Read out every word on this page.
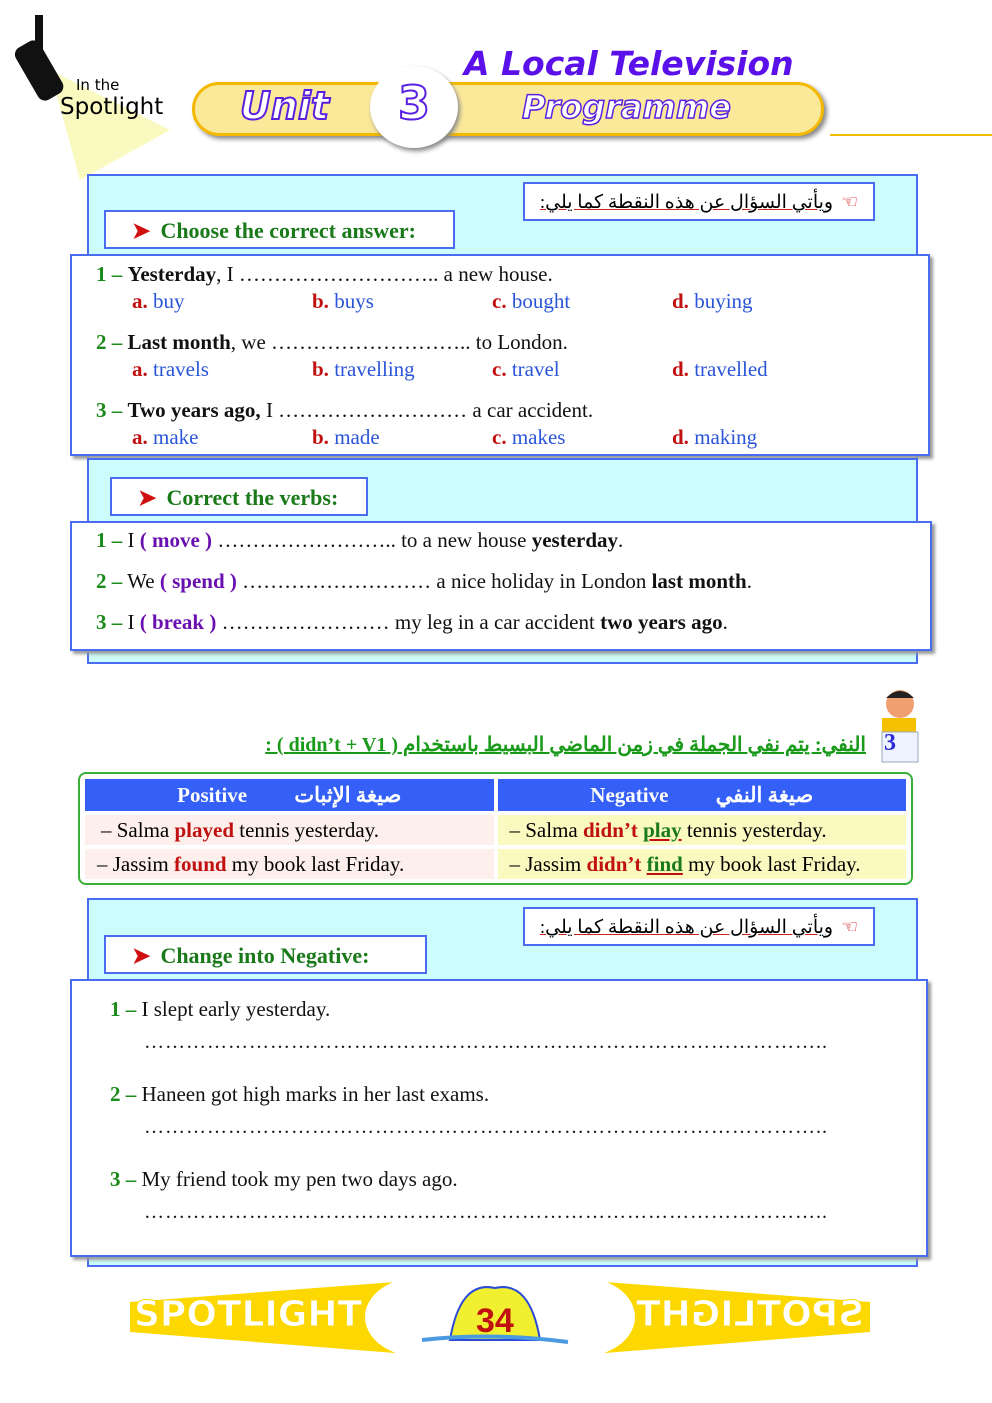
In the
Spotlight Unit	3
A Local Television
Programme
☜ويأتي السؤال عن هذه النقطة كما يلي:
➤ Choose the correct answer:
1 – Yesterday, I ……………………….. a new house.
a. buy	b. buys	c. bought	d. buying
2 – Last month, we ……………………….. to London.
a. travels	b. travelling	c. travel	d. travelled
3 – Two years ago, I ……………………… a car accident.
a. make	b. made	c. makes	d. making
➤ Correct the verbs:
1 – I ( move ) …………………….. to a new house yesterday.
2 – We ( spend ) ……………………… a nice holiday in London last month.
3 – I ( break ) …………………… my leg in a car accident two years ago.
3
النفي: يتم نفي الجملة في زمن الماضي البسيط باستخدام ( didn’t + V1 ) :
Positive صيغة الإثبات	Negative صيغة النفي
– Salma played tennis yesterday.	– Salma didn’t play tennis yesterday.
– Jassim found my book last Friday.	– Jassim didn’t find my book last Friday.
☜ويأتي السؤال عن هذه النقطة كما يلي:
➤ Change into Negative:
1 – I slept early yesterday.
……………………………………………………………………………………..
2 – Haneen got high marks in her last exams.
……………………………………………………………………………………..
3 – My friend took my pen two days ago.
……………………………………………………………………………………..
SPOTLIGHT	34	SPOTLIGHT
